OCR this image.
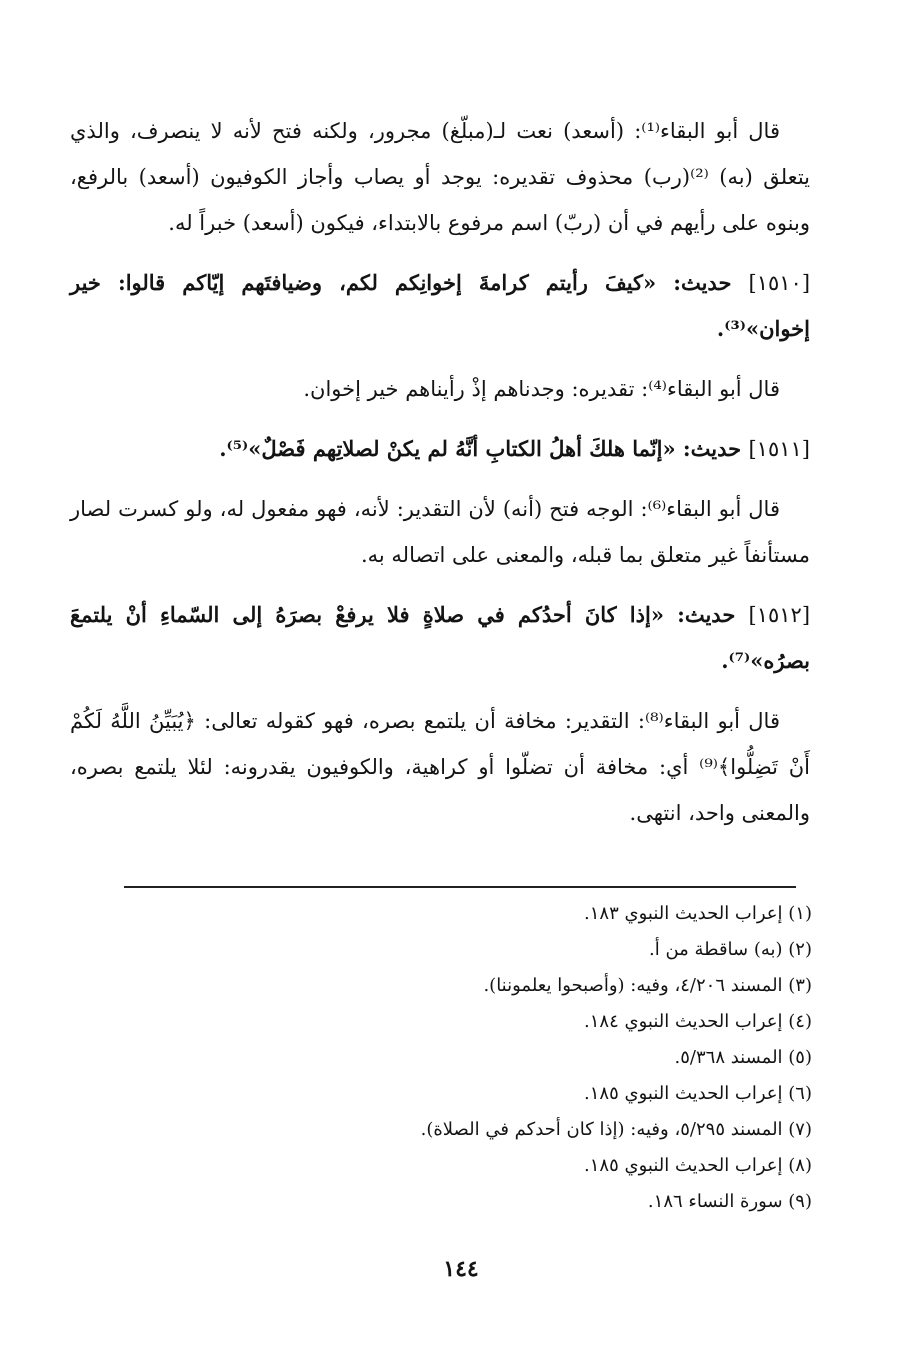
قال أبو البقاء⁽¹⁾: (أسعد) نعت لـ(مبلّغ) مجرور، ولكنه فتح لأنه لا ينصرف، والذي يتعلق (به) ⁽²⁾(رب) محذوف تقديره: يوجد أو يصاب وأجاز الكوفيون (أسعد) بالرفع، وبنوه على رأيهم في أن (ربّ) اسم مرفوع بالابتداء، فيكون (أسعد) خبراً له.
[١٥١٠] حديث: «كيفَ رأيتم كرامةَ إخوانِكم لكم، وضيافتَهم إيّاكم قالوا: خير إخوان»⁽³⁾.
قال أبو البقاء⁽⁴⁾: تقديره: وجدناهم إذْ رأيناهم خير إخوان.
[١٥١١] حديث: «إنّما هلكَ أهلُ الكتابِ أنَّهُ لم يكنْ لصلاتِهم فَصْلٌ»⁽⁵⁾.
قال أبو البقاء⁽⁶⁾: الوجه فتح (أنه) لأن التقدير: لأنه، فهو مفعول له، ولو كسرت لصار مستأنفاً غير متعلق بما قبله، والمعنى على اتصاله به.
[١٥١٢] حديث: «إذا كانَ أحدُكم في صلاةٍ فلا يرفعْ بصرَهُ إلى السّماءِ أنْ يلتمعَ بصرُه»⁽⁷⁾.
قال أبو البقاء⁽⁸⁾: التقدير: مخافة أن يلتمع بصره، فهو كقوله تعالى: ﴿يُبَيِّنُ اللَّهُ لَكُمْ أَنْ تَضِلُّوا﴾⁽⁹⁾ أي: مخافة أن تضلّوا أو كراهية، والكوفيون يقدرونه: لئلا يلتمع بصره، والمعنى واحد، انتهى.
(١) إعراب الحديث النبوي ١٨٣.
(٢) (به) ساقطة من أ.
(٣) المسند ٤/٢٠٦، وفيه: (وأصبحوا يعلموننا).
(٤) إعراب الحديث النبوي ١٨٤.
(٥) المسند ٥/٣٦٨.
(٦) إعراب الحديث النبوي ١٨٥.
(٧) المسند ٥/٢٩٥، وفيه: (إذا كان أحدكم في الصلاة).
(٨) إعراب الحديث النبوي ١٨٥.
(٩) سورة النساء ١٨٦.
١٤٤
